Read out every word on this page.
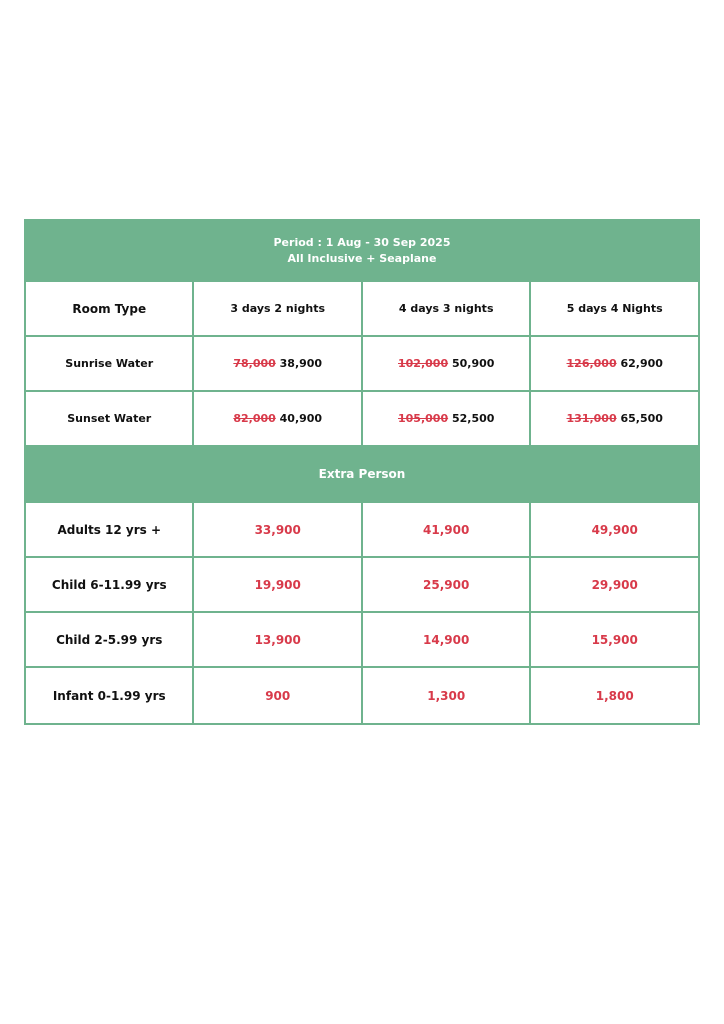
Period : 1 Aug - 30 Sep 2025
All Inclusive + Seaplane			

Room Type	3 days 2 nights	4 days 3 nights	5 days 4 Nights
Sunrise Water	78,000 38,900	102,000 50,900	126,000 62,900
Sunset Water	82,000 40,900	105,000 52,500	131,000 65,500
Extra Person			
Adults 12 yrs +	33,900	41,900	49,900
Child 6-11.99 yrs	19,900	25,900	29,900
Child 2-5.99 yrs	13,900	14,900	15,900
Infant 0-1.99 yrs	900	1,300	1,800
